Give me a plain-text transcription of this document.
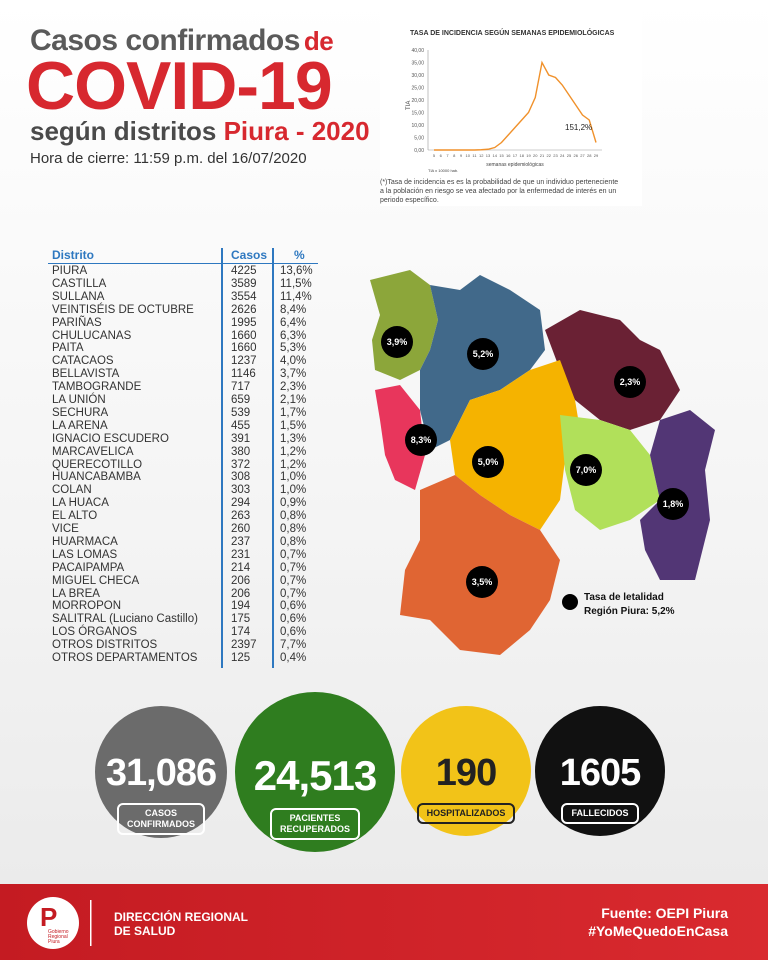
Casos confirmados de
COVID-19
según distritos Piura - 2020
Hora de cierre: 11:59 p.m. del 16/07/2020
TASA DE INCIDENCIA SEGÚN SEMANAS EPIDEMIOLÓGICAS
40,00
35,00
30,00
25,00
20,00
15,00
10,00
5,00
0,00
5 6 7 8 9 10 11 12 13 14 15 16 17 18 19 20 21 22 23 24 25 26 27 28 29
TIA
semanas epidemiológicas
151,2%
TIA x 10000 hab.
(*)Tasa de incidencia es es la probabilidad de que un individuo perteneciente a la población en riesgo se vea afectado por la enfermedad de interés en un periodo específico.
Distrito	Casos %
PIURA	4225 13,6%
CASTILLA	3589 11,5%
SULLANA	3554 11,4%
VEINTISÉIS DE OCTUBRE	2626 8,4%
PARIÑAS	1995 6,4%
CHULUCANAS	1660 6,3%
PAITA	1660 5,3%
CATACAOS	1237 4,0%
BELLAVISTA	1146 3,7%
TAMBOGRANDE	717	2,3%
LA UNIÓN	659	2,1%
SECHURA	539	1,7%
LA ARENA	455	1,5%
IGNACIO ESCUDERO	391	1,3%
MARCAVELICA	380	1,2%
QUERECOTILLO	372	1,2%
HUANCABAMBA	308	1,0%
COLAN	303	1,0%
LA HUACA	294	0,9%
EL ALTO	263	0,8%
VICE	260	0,8%
HUARMACA	237	0,8%
LAS LOMAS	231	0,7%
PACAIPAMPA	214	0,7%
MIGUEL CHECA	206	0,7%
LA BREA	206	0,7%
MORROPON	194	0,6%
SALITRAL (Luciano Castillo)	175	0,6%
LOS ÓRGANOS	174	0,6%
OTROS DISTRITOS	2397 7,7%
OTROS DEPARTAMENTOS	125	0,4%
3,9%
5,2%
2,3%
8,3%
5,0%
7,0%
1,8%
3,5%
Tasa de letalidad
Región Piura: 5,2%
31,086
CASOS
CONFIRMADOS
24,513
PACIENTES
RECUPERADOS
190
HOSPITALIZADOS
1605
FALLECIDOS
P
Gobierno
Regional
Piura
DIRECCIÓN REGIONAL
DE SALUD
Fuente: OEPI Piura
#YoMeQuedoEnCasa
